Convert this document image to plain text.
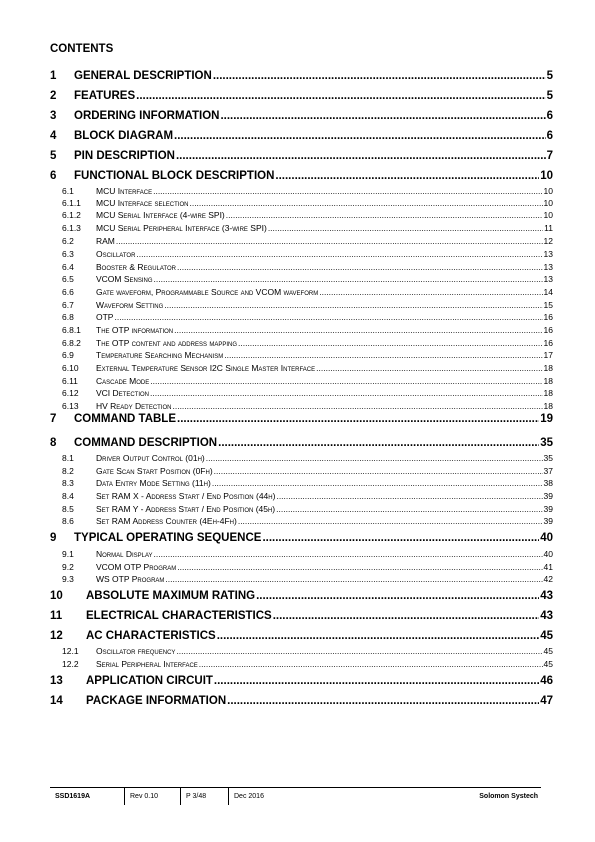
CONTENTS
1	GENERAL DESCRIPTION .....	5
2	FEATURES .....	5
3	ORDERING INFORMATION .....	6
4	BLOCK DIAGRAM .....	6
5	PIN DESCRIPTION .....	7
6	FUNCTIONAL BLOCK DESCRIPTION .....	10
6.1	MCU Interface .....	10
6.1.1	MCU Interface selection .....	10
6.1.2	MCU Serial Interface (4-wire SPI) .....	10
6.1.3	MCU Serial Peripheral Interface (3-wire SPI) .....	11
6.2	RAM .....	12
6.3	Oscillator .....	13
6.4	Booster & Regulator .....	13
6.5	VCOM Sensing .....	13
6.6	Gate waveform, Programmable Source and VCOM waveform .....	14
6.7	Waveform Setting .....	15
6.8	OTP .....	16
6.8.1	The OTP information .....	16
6.8.2	The OTP content and address mapping .....	16
6.9	Temperature Searching Mechanism .....	17
6.10	External Temperature Sensor I2C Single Master Interface .....	18
6.11	Cascade Mode .....	18
6.12	VCI Detection .....	18
6.13	HV Ready Detection .....	18
7	COMMAND TABLE .....	19
8	COMMAND DESCRIPTION .....	35
8.1	Driver Output Control (01h) .....	35
8.2	Gate Scan Start Position (0Fh) .....	37
8.3	Data Entry Mode Setting (11h) .....	38
8.4	Set RAM X - Address Start / End Position (44h) .....	39
8.5	Set RAM Y - Address Start / End Position (45h) .....	39
8.6	Set RAM Address Counter (4Eh-4Fh) .....	39
9	TYPICAL OPERATING SEQUENCE .....	40
9.1	Normal Display .....	40
9.2	VCOM OTP Program .....	41
9.3	WS OTP Program .....	42
10	ABSOLUTE MAXIMUM RATING .....	43
11	ELECTRICAL CHARACTERISTICS .....	43
12	AC CHARACTERISTICS .....	45
12.1	Oscillator frequency .....	45
12.2	Serial Peripheral Interface .....	45
13	APPLICATION CIRCUIT .....	46
14	PACKAGE INFORMATION .....	47
SSD1619A	Rev 0.10	P 3/48	Dec 2016	Solomon Systech
